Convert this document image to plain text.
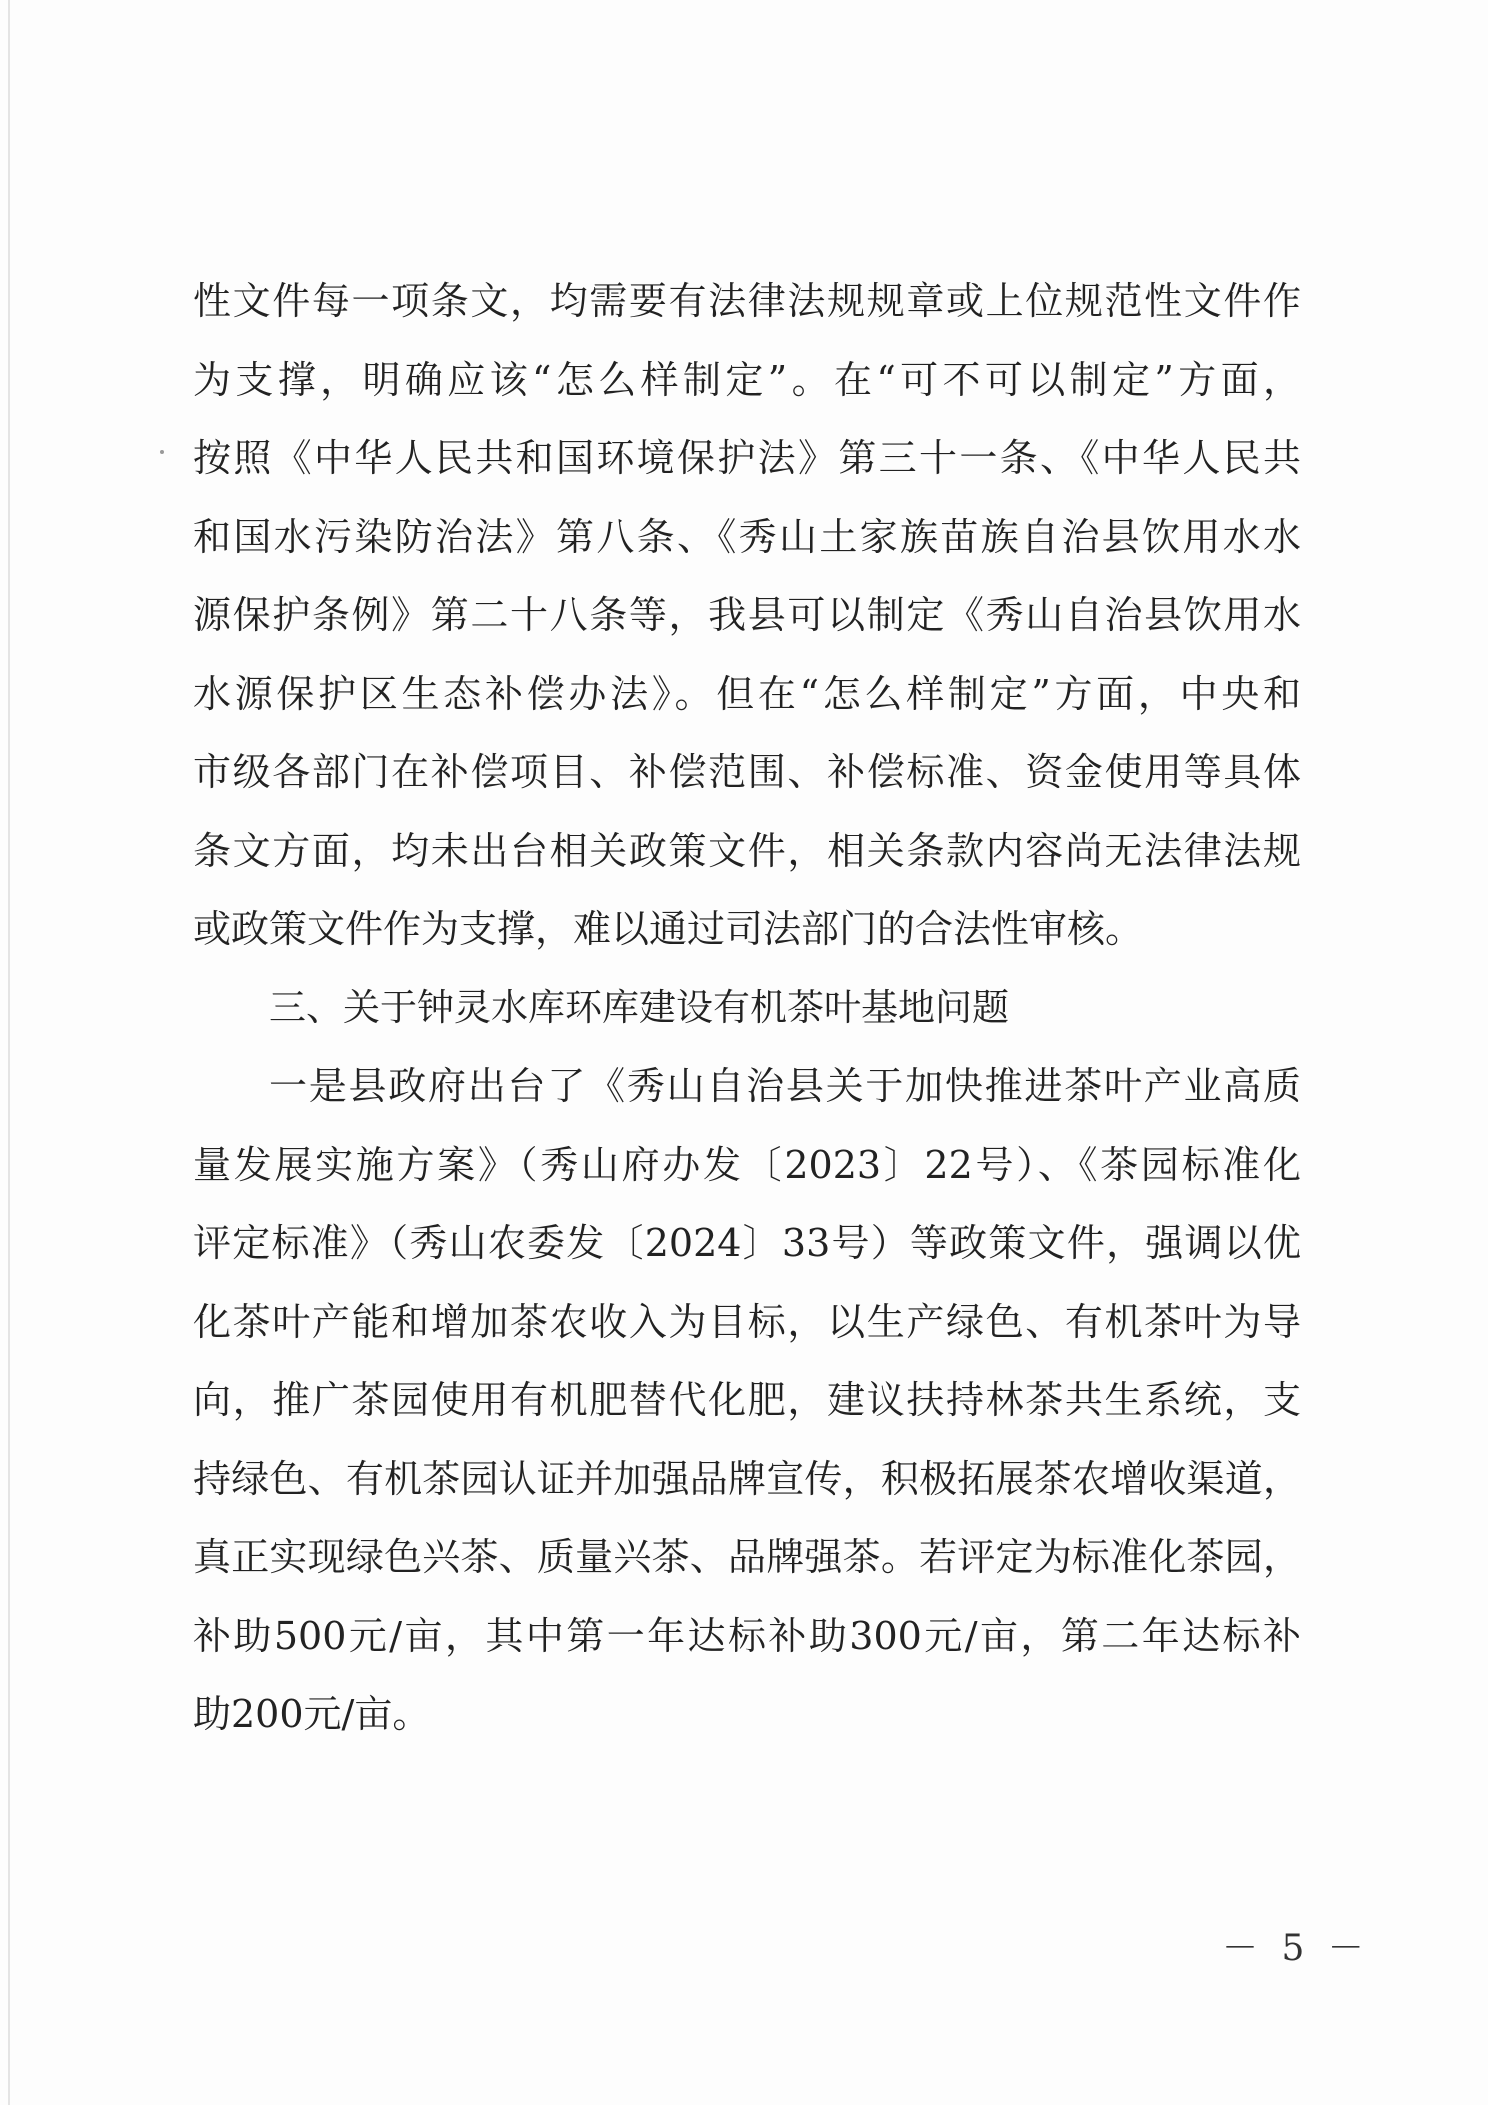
性文件每一项条文，均需要有法律法规规章或上位规范性文件作
为支撑，明确应该“怎么样制定”。在“可不可以制定”方面，
按照《中华人民共和国环境保护法》第三十一条、《中华人民共
和国水污染防治法》第八条、《秀山土家族苗族自治县饮用水水
源保护条例》第二十八条等，我县可以制定《秀山自治县饮用水
水源保护区生态补偿办法》。但在“怎么样制定”方面，中央和
市级各部门在补偿项目、补偿范围、补偿标准、资金使用等具体
条文方面，均未出台相关政策文件，相关条款内容尚无法律法规
或政策文件作为支撑，难以通过司法部门的合法性审核。
三、关于钟灵水库环库建设有机茶叶基地问题
一是县政府出台了《秀山自治县关于加快推进茶叶产业高质
量发展实施方案》（秀山府办发〔2023〕22号）、《茶园标准化
评定标准》（秀山农委发〔2024〕33号）等政策文件，强调以优
化茶叶产能和增加茶农收入为目标，以生产绿色、有机茶叶为导
向，推广茶园使用有机肥替代化肥，建议扶持林茶共生系统，支
持绿色、有机茶园认证并加强品牌宣传，积极拓展茶农增收渠道，
真正实现绿色兴茶、质量兴茶、品牌强茶。若评定为标准化茶园，
补助500元/亩，其中第一年达标补助300元/亩，第二年达标补
助200元/亩。
－ 5 －
